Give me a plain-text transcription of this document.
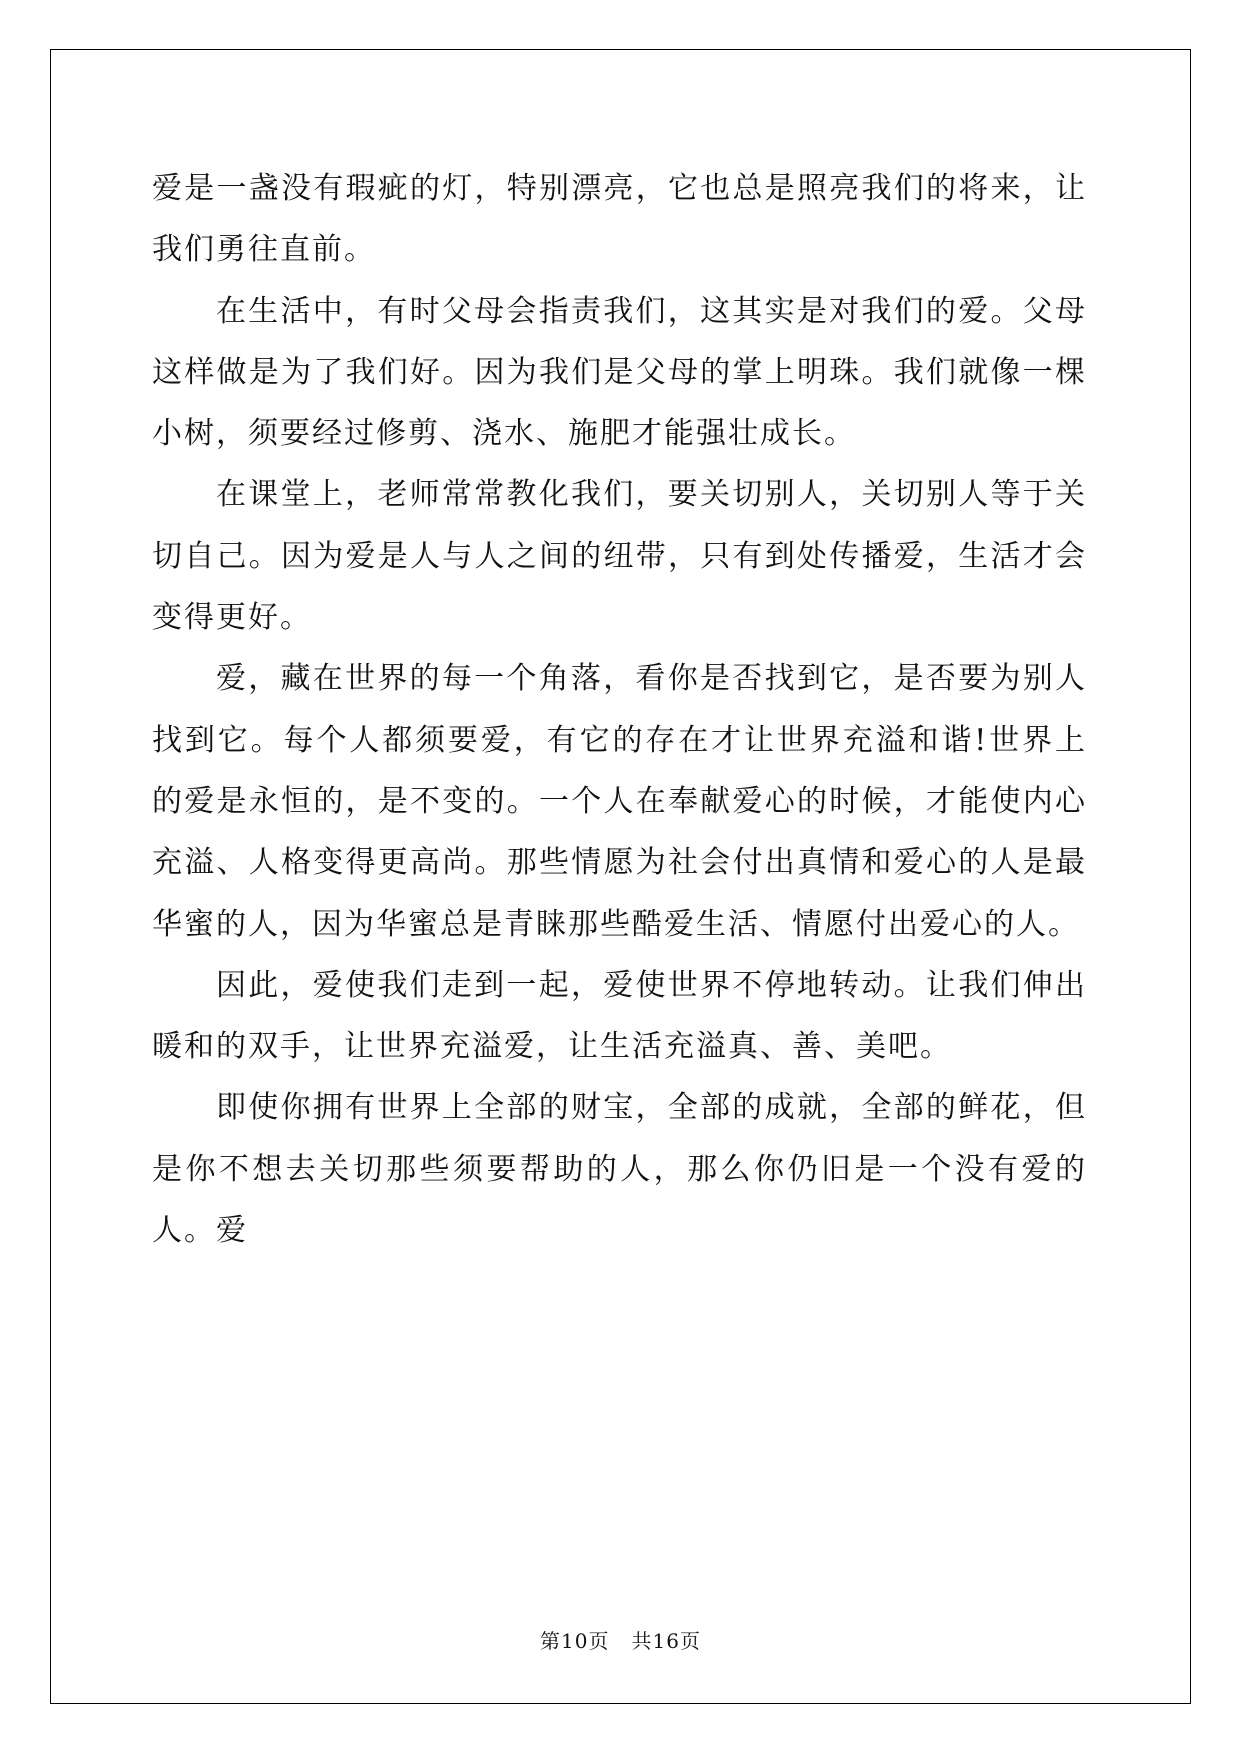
爱是一盏没有瑕疵的灯，特别漂亮，它也总是照亮我们的将来，让我们勇往直前。

在生活中，有时父母会指责我们，这其实是对我们的爱。父母这样做是为了我们好。因为我们是父母的掌上明珠。我们就像一棵小树，须要经过修剪、浇水、施肥才能强壮成长。

在课堂上，老师常常教化我们，要关切别人，关切别人等于关切自己。因为爱是人与人之间的纽带，只有到处传播爱，生活才会变得更好。

爱，藏在世界的每一个角落，看你是否找到它，是否要为别人找到它。每个人都须要爱，有它的存在才让世界充溢和谐!世界上的爱是永恒的，是不变的。一个人在奉献爱心的时候，才能使内心充溢、人格变得更高尚。那些情愿为社会付出真情和爱心的人是最华蜜的人，因为华蜜总是青睐那些酷爱生活、情愿付出爱心的人。

因此，爱使我们走到一起，爱使世界不停地转动。让我们伸出暖和的双手，让世界充溢爱，让生活充溢真、善、美吧。

即使你拥有世界上全部的财宝，全部的成就，全部的鲜花，但是你不想去关切那些须要帮助的人，那么你仍旧是一个没有爱的人。爱

第10页 共16页
